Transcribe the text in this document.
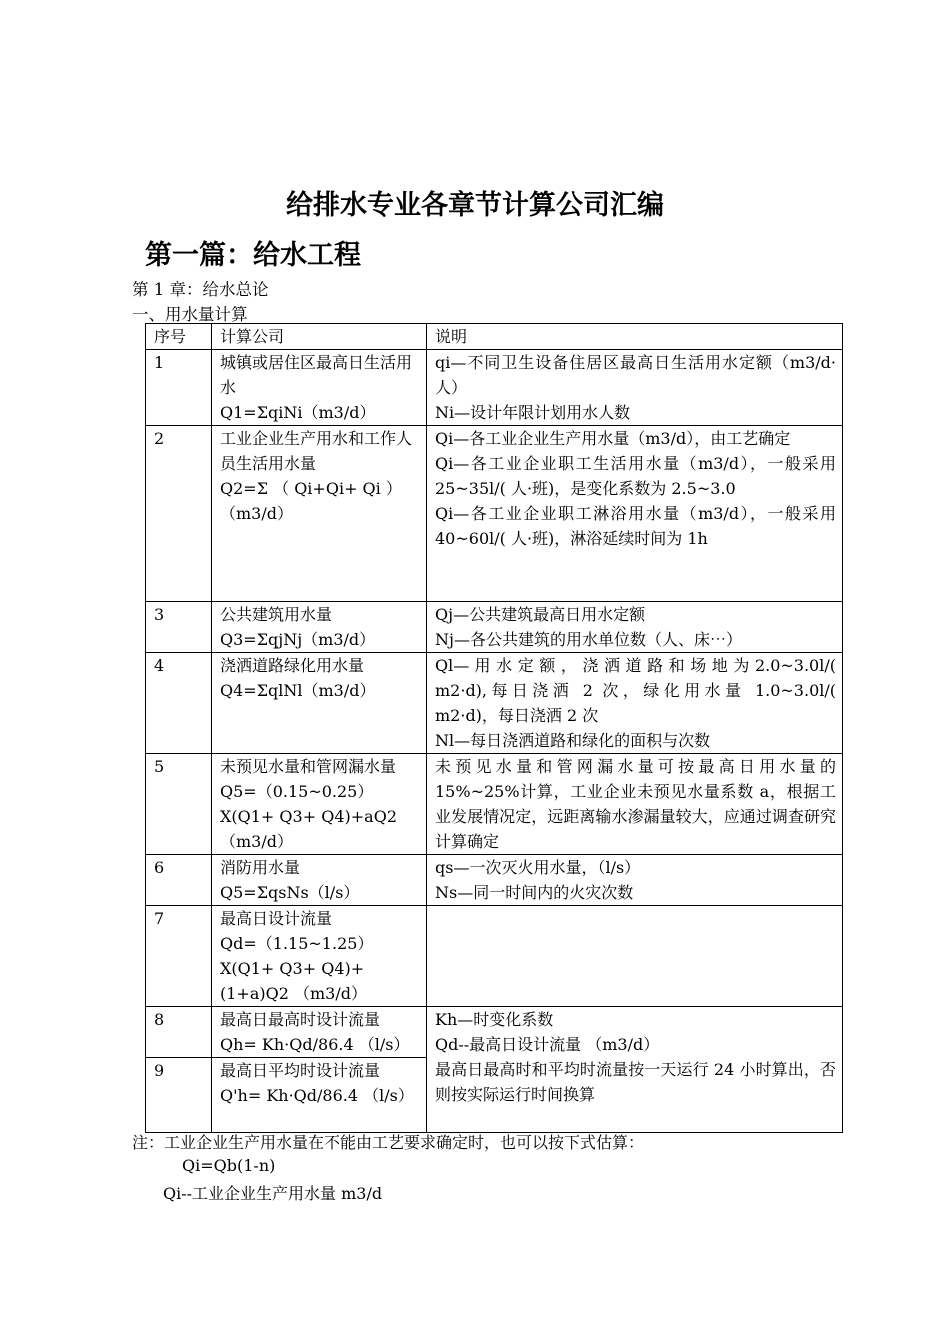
给排水专业各章节计算公司汇编
第一篇：给水工程
第 1 章：给水总论
一、用水量计算
序号	计算公司	说明
1	城镇或居住区最高日生活用水
Q1=ΣqiNi（m3/d）	qi—不同卫生设备住居区最高日生活用水定额（m3/d·人）
Ni—设计年限计划用水人数

2	工业企业生产用水和工作人员生活用水量
Q2=Σ （ Qi+Qi+ Qi ）（m3/d）	Qi—各工业企业生产用水量（m3/d），由工艺确定
Qi—各工业企业职工生活用水量（m3/d），一般采用 25~35l/( 人·班)，是变化系数为 2.5~3.0
Qi—各工业企业职工淋浴用水量（m3/d），一般采用 40~60l/( 人·班)，淋浴延续时间为 1h

3	公共建筑用水量
Q3=ΣqjNj（m3/d）	Qj—公共建筑最高日用水定额
Nj—各公共建筑的用水单位数（人、床⋯）

4	浇洒道路绿化用水量
Q4=ΣqlNl（m3/d）	Ql— 用 水 定 额 ， 浇 洒 道 路 和 场 地 为 2.0~3.0l/( m2·d),每日浇洒 2 次，绿化用水量 1.0~3.0l/( m2·d)，每日浇洒 2 次
Nl—每日浇洒道路和绿化的面积与次数

5	未预见水量和管网漏水量
Q5=（0.15~0.25）X(Q1+ Q3+ Q4)+aQ2 （m3/d）	未预见水量和管网漏水量可按最高日用水量的 15%~25%计算，工业企业未预见水量系数 a，根据工业发展情况定，远距离输水渗漏量较大，应通过调查研究计算确定

6	消防用水量
Q5=ΣqsNs（l/s）	qs—一次灭火用水量，（l/s）
Ns—同一时间内的火灾次数

7	最高日设计流量
Qd=（1.15~1.25）X(Q1+ Q3+ Q4)+(1+a)Q2 （m3/d）	

8	最高日最高时设计流量
Qh= Kh·Qd/86.4 （l/s）	Kh—时变化系数
Qd--最高日设计流量 （m3/d）
最高日最高时和平均时流量按一天运行 24 小时算出，否则按实际运行时间换算

9	最高日平均时设计流量
Q'h= Kh·Qd/86.4 （l/s）	
注：工业企业生产用水量在不能由工艺要求确定时，也可以按下式估算：
Qi=Qb(1-n)
Qi--工业企业生产用水量 m3/d
